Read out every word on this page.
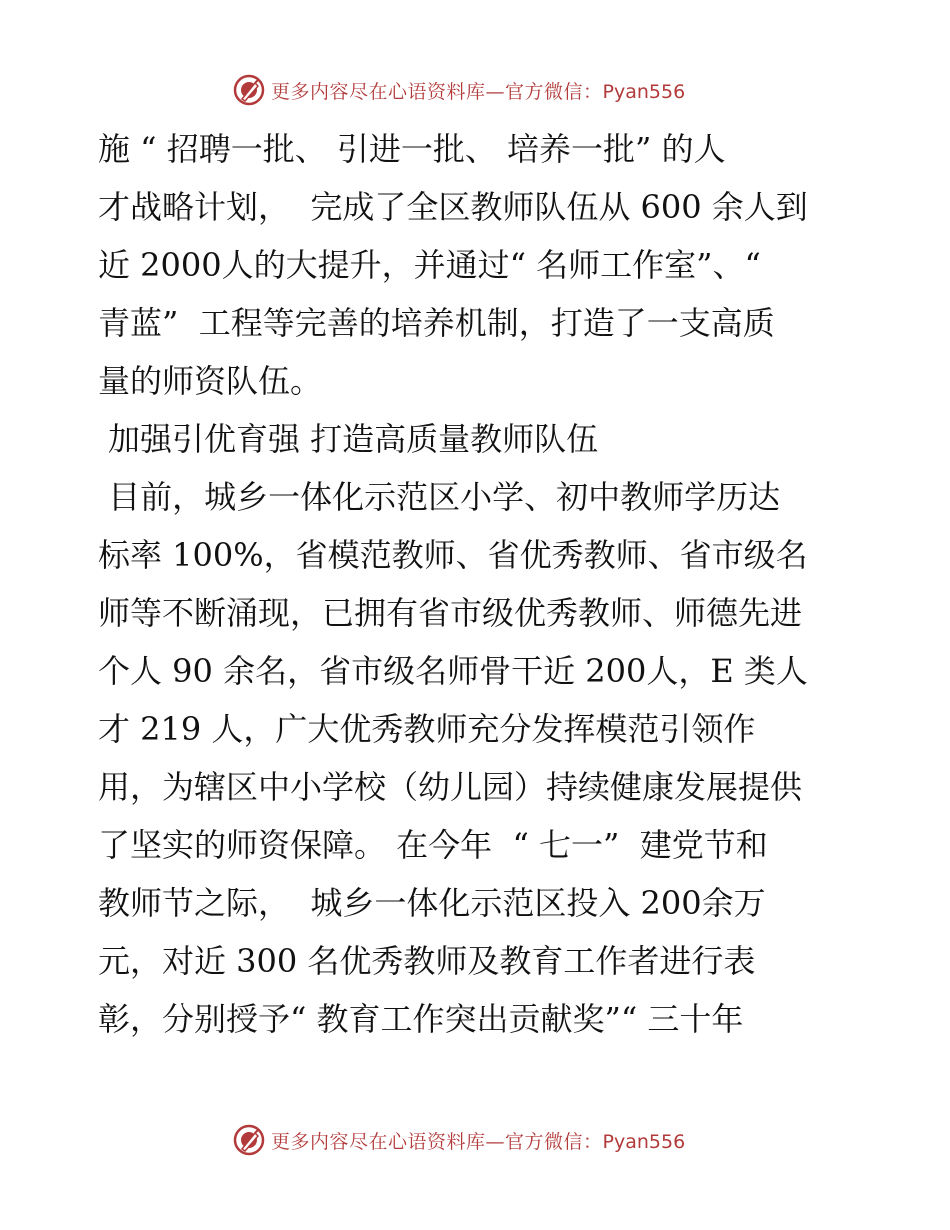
更多内容尽在心语资料库—官方微信：Pyan556
施 “ 招聘一批、 引进一批、 培养一批” 的人
才战略计划，  完成了全区教师队伍从 600 余人到
近 2000人的大提升，并通过“ 名师工作室”、“
青蓝”  工程等完善的培养机制，打造了一支高质
量的师资队伍。
加强引优育强 打造高质量教师队伍
目前，城乡一体化示范区小学、初中教师学历达
标率 100%，省模范教师、省优秀教师、省市级名
师等不断涌现，已拥有省市级优秀教师、师德先进
个人 90 余名，省市级名师骨干近 200人，E 类人
才 219 人，广大优秀教师充分发挥模范引领作
用，为辖区中小学校（幼儿园）持续健康发展提供
了坚实的师资保障。 在今年  “ 七一”  建党节和
教师节之际，  城乡一体化示范区投入 200余万
元，对近 300 名优秀教师及教育工作者进行表
彰，分别授予“ 教育工作突出贡献奖”“ 三十年
更多内容尽在心语资料库—官方微信：Pyan556
